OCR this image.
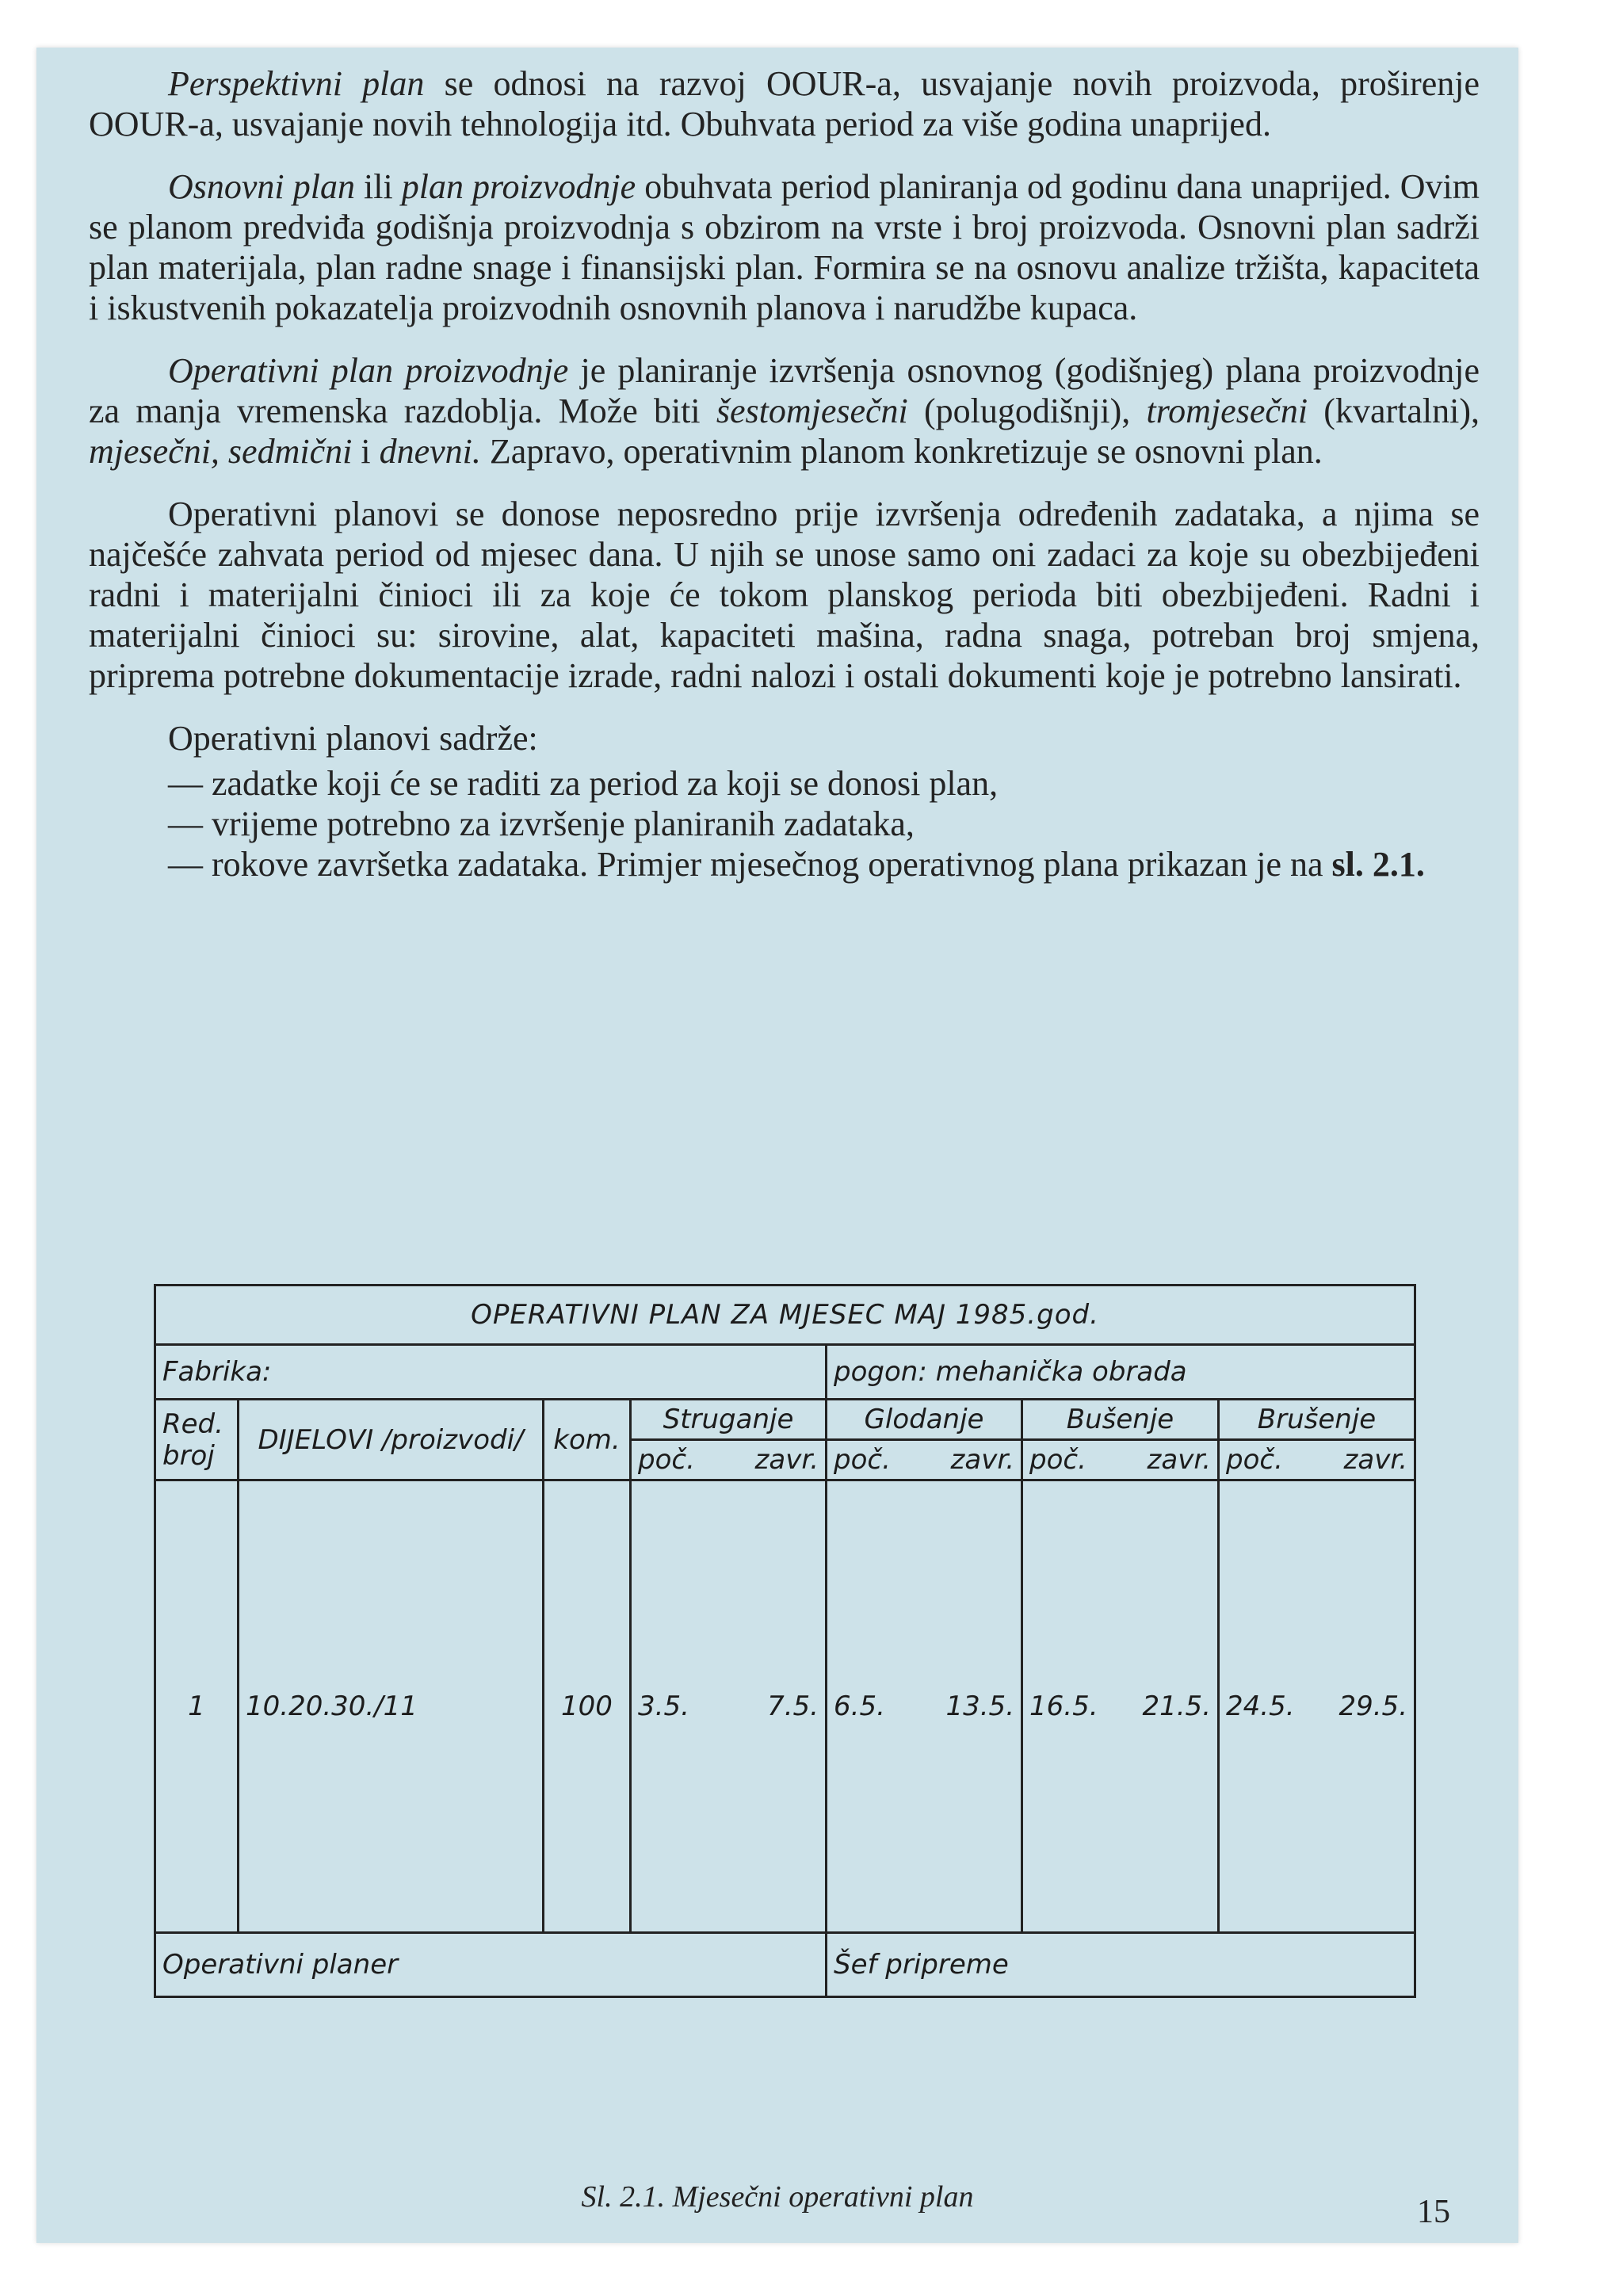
Perspektivni plan se odnosi na razvoj OOUR-a, usvajanje novih proizvoda, proširenje OOUR-a, usvajanje novih tehnologija itd. Obuhvata period za više godina unaprijed.

Osnovni plan ili plan proizvodnje obuhvata period planiranja od godinu dana unaprijed. Ovim se planom predviđa godišnja proizvodnja s obzirom na vrste i broj proizvoda. Osnovni plan sadrži plan materijala, plan radne snage i finansijski plan. Formira se na osnovu analize tržišta, kapaciteta i iskustvenih pokazatelja proizvodnih osnovnih planova i narudžbe kupaca.

Operativni plan proizvodnje je planiranje izvršenja osnovnog (godišnjeg) plana proizvodnje za manja vremenska razdoblja. Može biti šestomjesečni (polugodišnji), tromjesečni (kvartalni), mjesečni, sedmični i dnevni. Zapravo, operativnim planom konkretizuje se osnovni plan.

Operativni planovi se donose neposredno prije izvršenja određenih zadataka, a njima se najčešće zahvata period od mjesec dana. U njih se unose samo oni zadaci za koje su obezbijeđeni radni i materijalni činioci ili za koje će tokom planskog perioda biti obezbijeđeni. Radni i materijalni činioci su: sirovine, alat, kapaciteti mašina, radna snaga, potreban broj smjena, priprema potrebne dokumentacije izrade, radni nalozi i ostali dokumenti koje je potrebno lansirati.

Operativni planovi sadrže:

— zadatke koji će se raditi za period za koji se donosi plan,
— vrijeme potrebno za izvršenje planiranih zadataka,
— rokove završetka zadataka. Primjer mjesečnog operativnog plana prikazan je na sl. 2.1.
OPERATIVNI PLAN ZA MJESEC MAJ 1985.god.						
Fabrika:				pogon: mehanička obrada		
Red. broj	DIJELOVI /proizvodi/	kom.	Struganje	Glodanje	Bušenje	Brušenje

			poč. zavr.	poč. zavr.	poč. zavr.	poč. zavr.

1	10.20.30./11	100	3.5. 7.5.	6.5. 13.5.	16.5. 21.5.	24.5. 29.5.

Operativni planer				Šef pripreme		
Sl. 2.1. Mjesečni operativni plan	15
